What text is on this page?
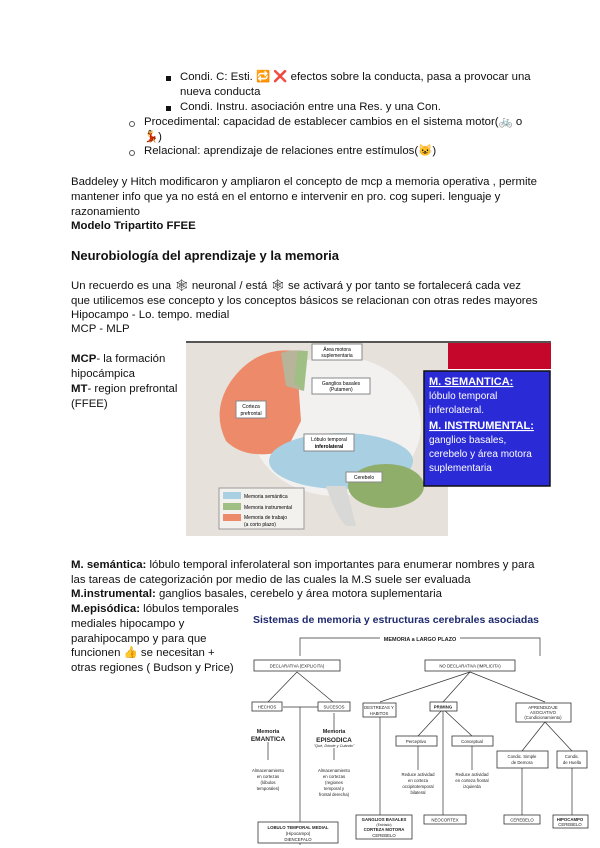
Condi. C: Esti. 🔁 ❌ efectos sobre la conducta, pasa a provocar una
nueva conducta
Condi. Instru. asociación entre una Res. y una Con.
Procedimental: capacidad de establecer cambios en el sistema motor(🚲 o
💃)
Relacional: aprendizaje de relaciones entre estímulos(😺)
Baddeley y Hitch modificaron y ampliaron el concepto de mcp a memoria operativa , permite
mantener info que ya no está en el entorno e intervenir en pro. cog superi. lenguaje y
razonamiento
Modelo Tripartito FFEE
Neurobiología del aprendizaje y la memoria
Un recuerdo es una 🕸 neuronal / está 🕸 se activará y por tanto se fortalecerá cada vez
que utilicemos ese concepto y los conceptos básicos se relacionan con otras redes mayores
Hipocampo - Lo. tempo. medial
MCP - MLP
MCP- la formación
hipocámpica
MT- region prefrontal
(FFEE)
Área motora
suplementaria
Ganglios basales
(Putamen)
Corteza
prefrontal
Lóbulo temporal
inferolateral
Cerebelo
Memoria semántica
Memoria instrumental
Memoria de trabajo
(a corto plazo)
M. SEMANTICA:
lóbulo temporal
inferolateral.
M. INSTRUMENTAL:
ganglios basales,
cerebelo y área motora
suplementaria
M. semántica: lóbulo temporal inferolateral son importantes para enumerar nombres y para
las tareas de categorización por medio de las cuales la M.S suele ser evaluada
M.instrumental: ganglios basales, cerebelo y área motora suplementaria
M.episódica: lóbulos temporales
mediales hipocampo y
parahipocampo y para que
funcionen 👍 se necesitan +
otras regiones ( Budson y Price)
Sistemas de memoria y estructuras cerebrales asociadas
MEMORIA a LARGO PLAZO
DECLARATIVA (EXPLICITA)	NO DECLARATIVA (IMPLICITA)
HECHOS	SUCESOS	DESTREZAS Y
HABITOS
PRIMING	APRENDIZAJE
ASOCIATIVO
(Condicionamiento)
Memoria
EMANTICA
Memoria
EPISODICA
"Qué, Dónde y Cuándo"
Perceptivo	Conceptual
Condic. Simple
de Demora
Condic.
de Huella
Almacenamiento
en cortezas
(lóbulos
temporales)
Almacenamiento
en cortezas
(regiones
temporal y
frontal derecha)
Reduce actividad
en corteza
occipitotemporal
bilateral
Reduce actividad
en corteza frontal
izquierda
LOBULO TEMPORAL MEDIAL
(Hipocampo)
DIENCEFALO
GANGLIOS BASALES
(Estriado)
CORTEZA MOTORA
CEREBELO
NEOCORTEX	CEREBELO	HIPOCAMPO
CEREBELO
